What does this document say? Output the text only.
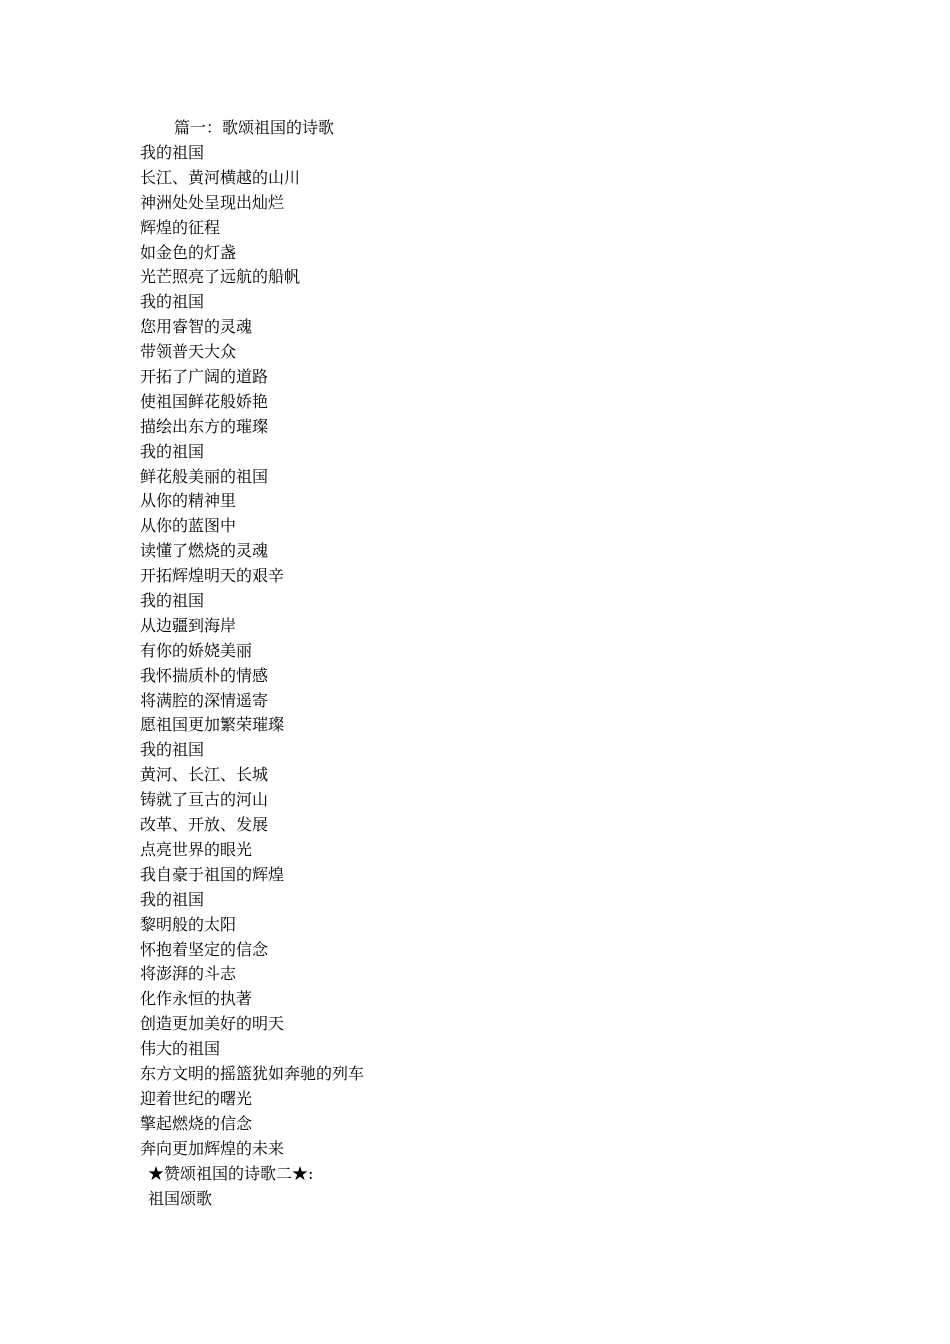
篇一：歌颂祖国的诗歌
我的祖国
长江、黄河横越的山川
神洲处处呈现出灿烂
辉煌的征程
如金色的灯盏
光芒照亮了远航的船帆
我的祖国
您用睿智的灵魂
带领普天大众
开拓了广阔的道路
使祖国鲜花般娇艳
描绘出东方的璀璨
我的祖国
鲜花般美丽的祖国
从你的精神里
从你的蓝图中
读懂了燃烧的灵魂
开拓辉煌明天的艰辛
我的祖国
从边疆到海岸
有你的娇娆美丽
我怀揣质朴的情感
将满腔的深情遥寄
愿祖国更加繁荣璀璨
我的祖国
黄河、长江、长城
铸就了亘古的河山
改革、开放、发展
点亮世界的眼光
我自豪于祖国的辉煌
我的祖国
黎明般的太阳
怀抱着坚定的信念
将澎湃的斗志
化作永恒的执著
创造更加美好的明天
伟大的祖国
东方文明的摇篮犹如奔驰的列车
迎着世纪的曙光
擎起燃烧的信念
奔向更加辉煌的未来
★赞颂祖国的诗歌二★:
祖国颂歌
